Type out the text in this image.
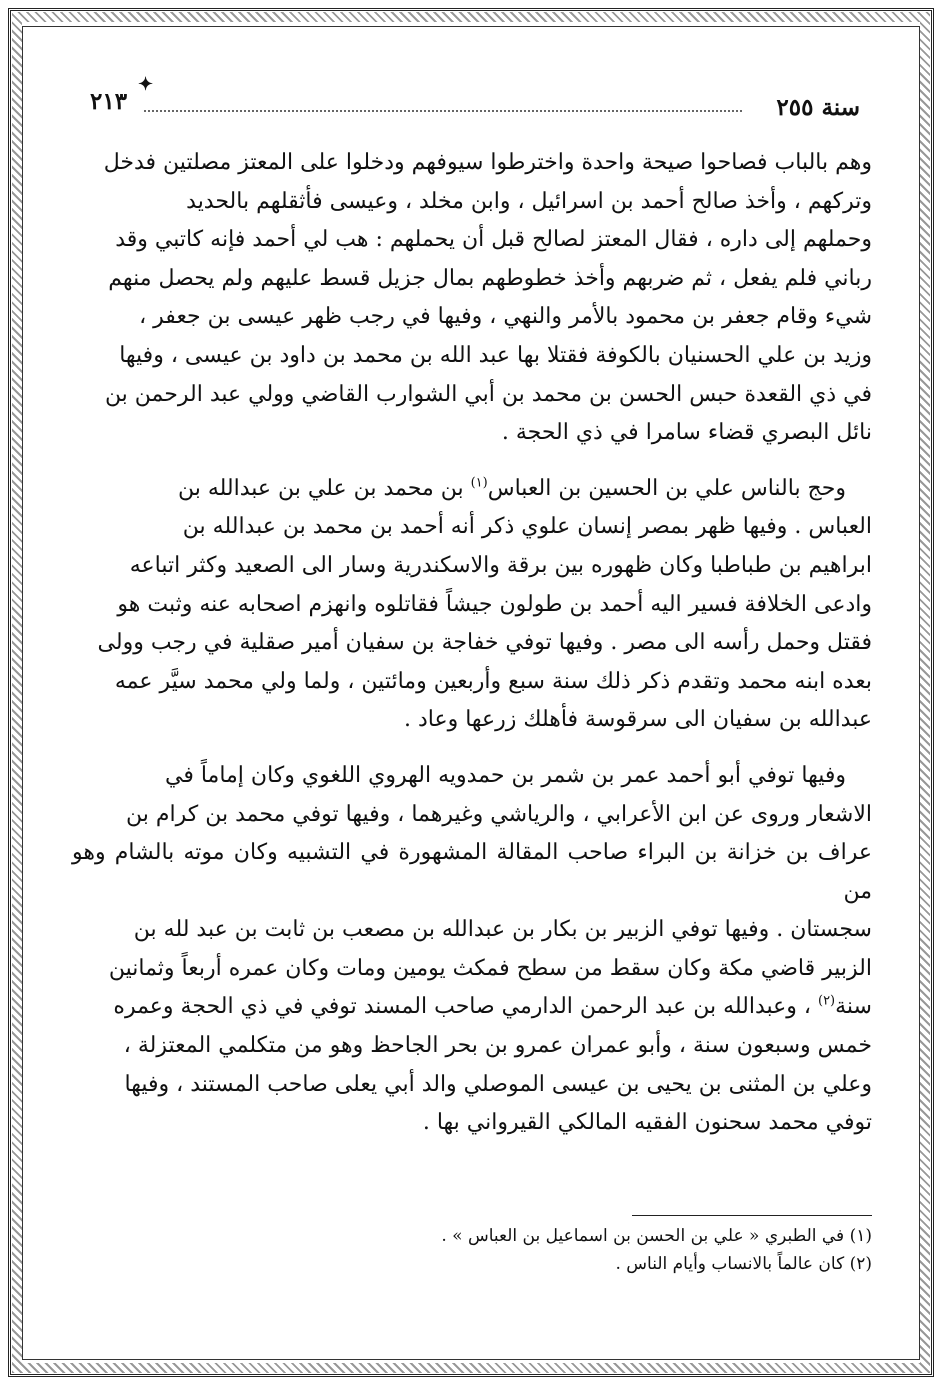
سنة ٢٥٥
✦
٢١٣
وهم بالباب فصاحوا صيحة واحدة واخترطوا سيوفهم ودخلوا على المعتز مصلتين فدخل
وتركهم ، وأخذ صالح أحمد بن اسرائيل ، وابن مخلد ، وعيسى فأثقلهم بالحديد
وحملهم إلى داره ، فقال المعتز لصالح قبل أن يحملهم : هب لي أحمد فإنه كاتبي وقد
رباني فلم يفعل ، ثم ضربهم وأخذ خطوطهم بمال جزيل قسط عليهم ولم يحصل منهم
شيء وقام جعفر بن محمود بالأمر والنهي ، وفيها في رجب ظهر عيسى بن جعفر ،
وزيد بن علي الحسنيان بالكوفة فقتلا بها عبد الله بن محمد بن داود بن عيسى ، وفيها
في ذي القعدة حبس الحسن بن محمد بن أبي الشوارب القاضي وولي عبد الرحمن بن
نائل البصري قضاء سامرا في ذي الحجة .
وحج بالناس علي بن الحسين بن العباس$^{(١)}$ بن محمد بن علي بن عبدالله بن
العباس . وفيها ظهر بمصر إنسان علوي ذكر أنه أحمد بن محمد بن عبدالله بن
ابراهيم بن طباطبا وكان ظهوره بين برقة والاسكندرية وسار الى الصعيد وكثر اتباعه
وادعى الخلافة فسير اليه أحمد بن طولون جيشاً فقاتلوه وانهزم اصحابه عنه وثبت هو
فقتل وحمل رأسه الى مصر . وفيها توفي خفاجة بن سفيان أمير صقلية في رجب وولى
بعده ابنه محمد وتقدم ذكر ذلك سنة سبع وأربعين ومائتين ، ولما ولي محمد سيَّر عمه
عبدالله بن سفيان الى سرقوسة فأهلك زرعها وعاد .
وفيها توفي أبو أحمد عمر بن شمر بن حمدويه الهروي اللغوي وكان إماماً في
الاشعار وروى عن ابن الأعرابي ، والرياشي وغيرهما ، وفيها توفي محمد بن كرام بن
عراف بن خزانة بن البراء صاحب المقالة المشهورة في التشبيه وكان موته بالشام وهو من
سجستان . وفيها توفي الزبير بن بكار بن عبدالله بن مصعب بن ثابت بن عبد لله بن
الزبير قاضي مكة وكان سقط من سطح فمكث يومين ومات وكان عمره أربعاً وثمانين
سنة$^{(٢)}$ ، وعبدالله بن عبد الرحمن الدارمي صاحب المسند توفي في ذي الحجة وعمره
خمس وسبعون سنة ، وأبو عمران عمرو بن بحر الجاحظ وهو من متكلمي المعتزلة ،
وعلي بن المثنى بن يحيى بن عيسى الموصلي والد أبي يعلى صاحب المستند ، وفيها
توفي محمد سحنون الفقيه المالكي القيرواني بها .
(١) في الطبري « علي بن الحسن بن اسماعيل بن العباس » .
(٢) كان عالماً بالانساب وأيام الناس .
